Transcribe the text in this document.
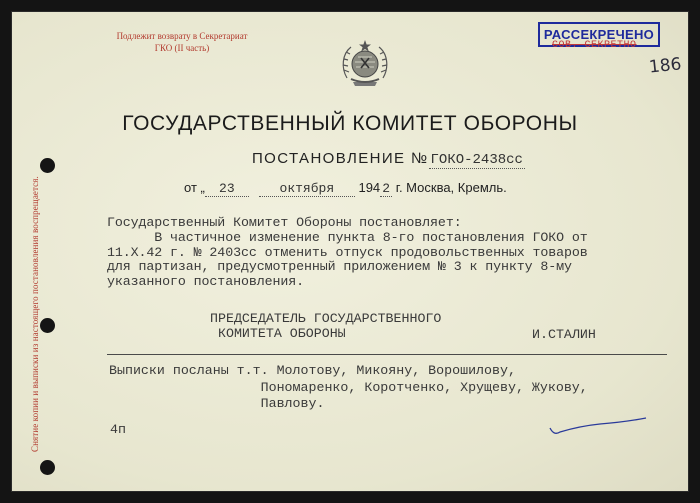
Снятие копии и выписки из настоящего постановления воспрещается.
Подлежит возврату в Секретариат
ГКО (II часть)
РАССЕКРЕЧЕНО
СОВ. СЕКРЕТНО
186
ГОСУДАРСТВЕННЫЙ КОМИТЕТ ОБОРОНЫ
ПОСТАНОВЛЕНИЕ № ГОКО-2438сс
от „ 23	октября 194 2 г. Москва, Кремль.
Государственный Комитет Обороны постановляет:
В частичное изменение пункта 8-го постановления ГОКО от
11.X.42 г. № 2403сс отменить отпуск продовольственных товаров
для партизан, предусмотренный приложением № 3 к пункту 8-му
указанного постановления.
ПРЕДСЕДАТЕЛЬ ГОСУДАРСТВЕННОГО
КОМИТЕТА ОБОРОНЫ	И.СТАЛИН
Выписки посланы т.т. Молотову, Микояну, Ворошилову,
Пономаренко, Коротченко, Хрущеву, Жукову,
Павлову.
4п
